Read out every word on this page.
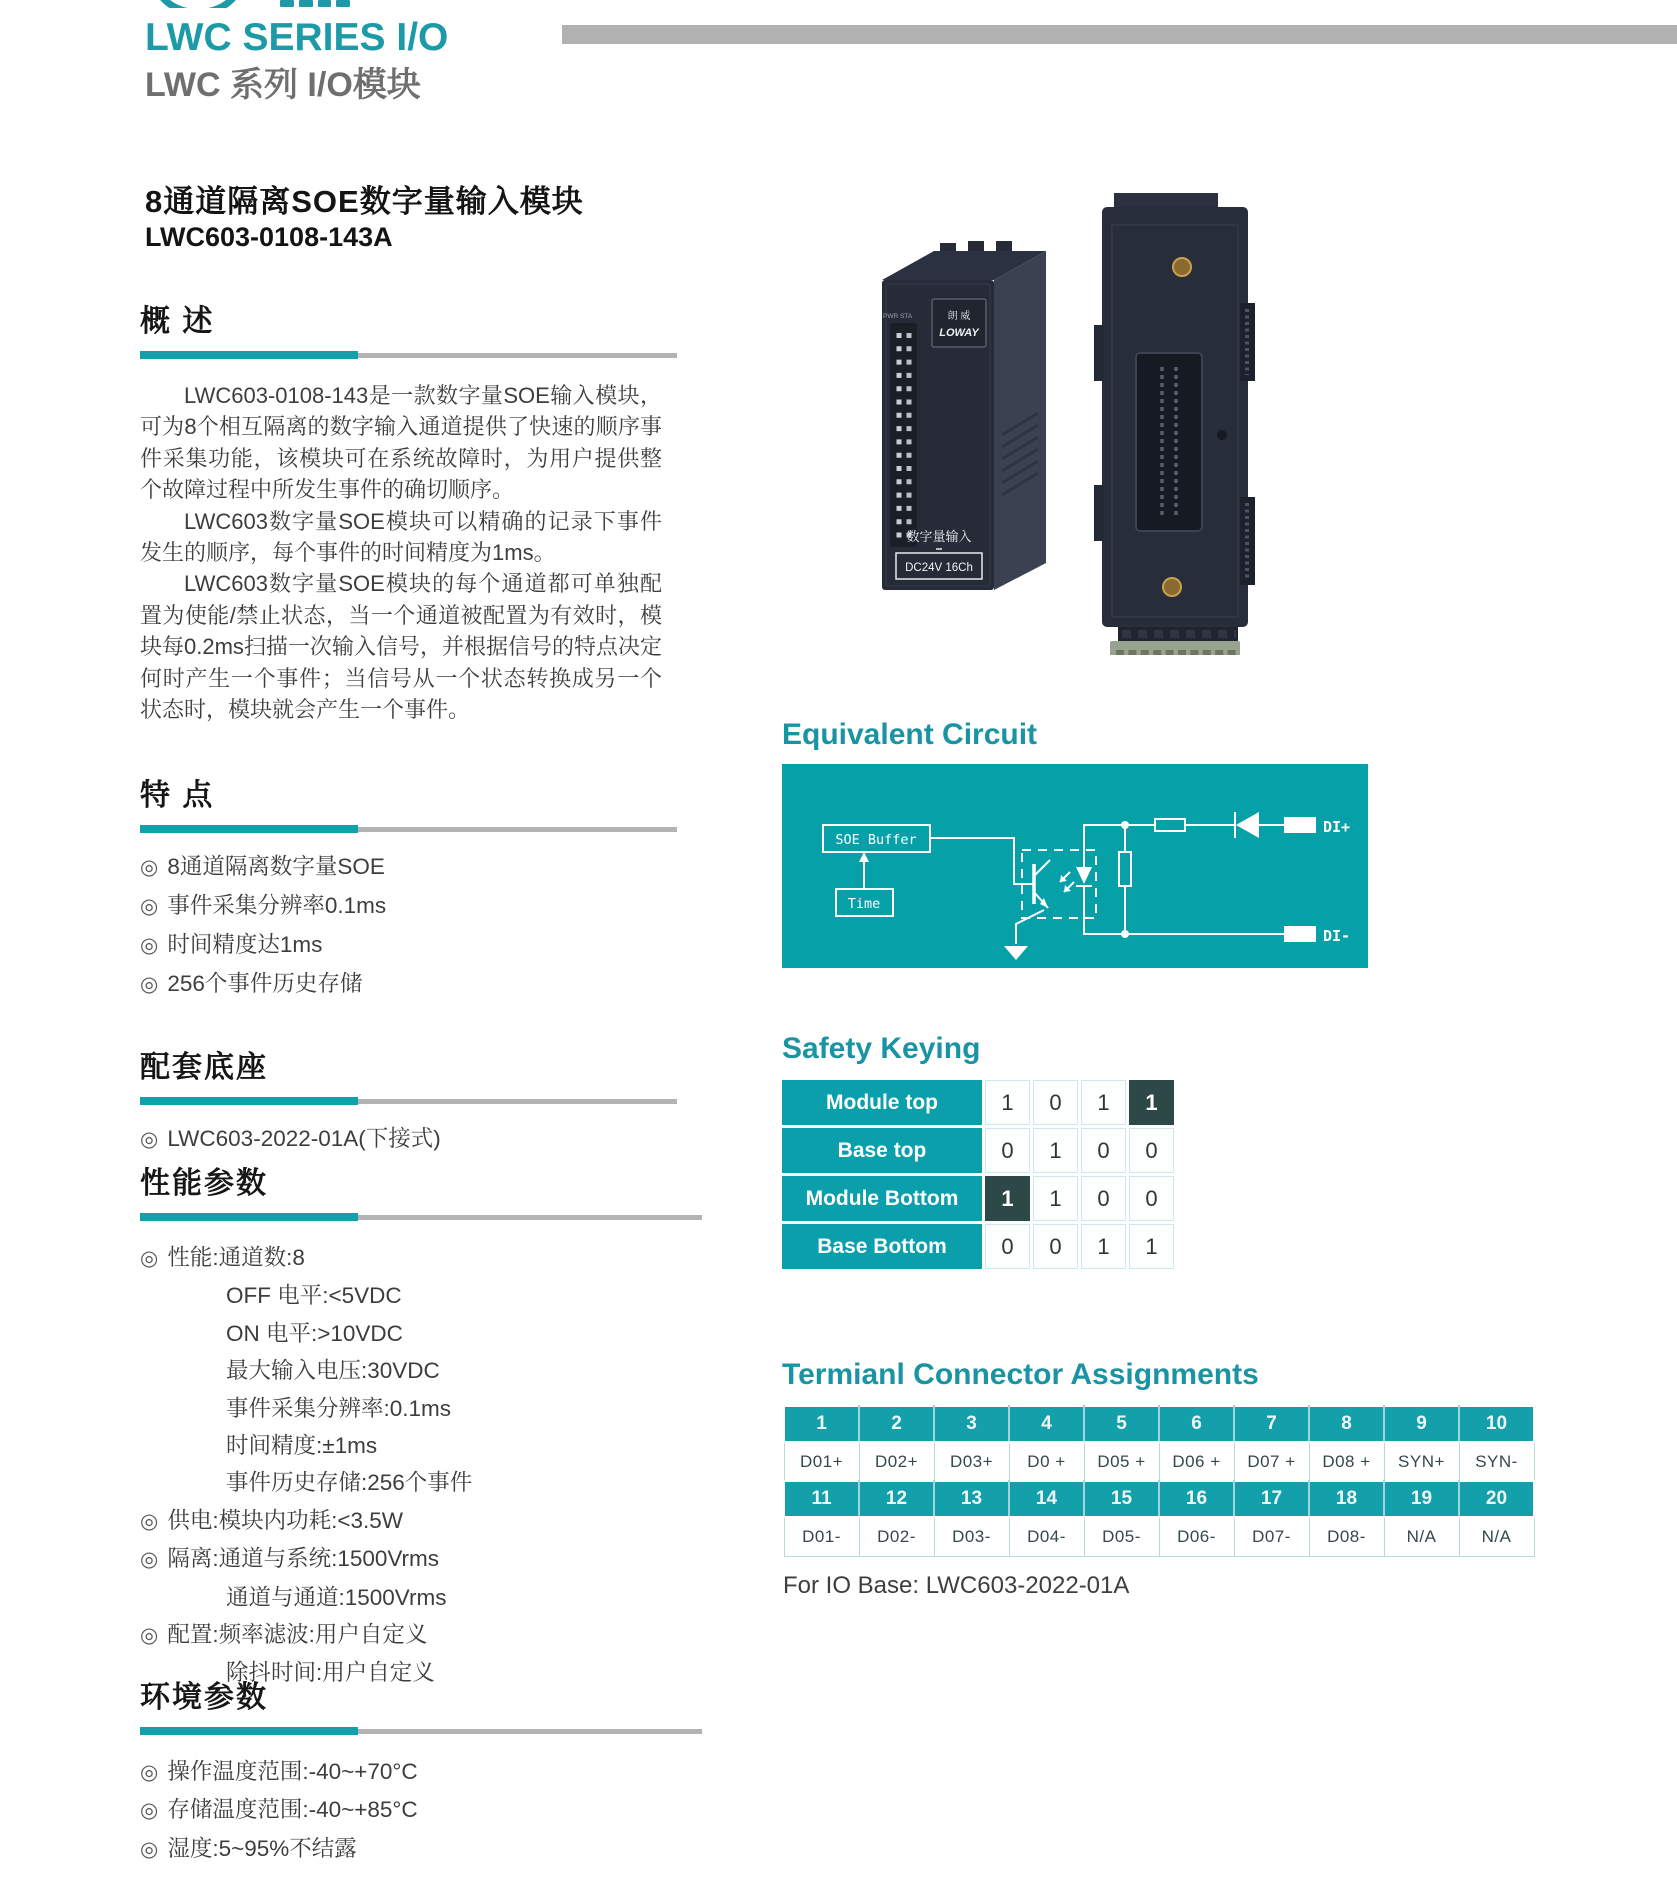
LWC SERIES I/O
LWC 系列 I/O模块
8通道隔离SOE数字量输入模块
LWC603-0108-143A
概 述

LWC603-0108-143是一款数字量SOE输入模块，可为8个相互隔离的数字输入通道提供了快速的顺序事件采集功能，该模块可在系统故障时，为用户提供整个故障过程中所发生事件的确切顺序。

LWC603数字量SOE模块可以精确的记录下事件发生的顺序，每个事件的时间精度为1ms。

LWC603数字量SOE模块的每个通道都可单独配置为使能/禁止状态，当一个通道被配置为有效时，模块每0.2ms扫描一次输入信号，并根据信号的特点决定何时产生一个事件；当信号从一个状态转换成另一个状态时，模块就会产生一个事件。

特 点
◎ 8通道隔离数字量SOE
◎ 事件采集分辨率0.1ms
◎ 时间精度达1ms
◎ 256个事件历史存储
配套底座
◎ LWC603-2022-01A(下接式)
性能参数
◎ 性能:通道数:8
OFF 电平:<5VDC
ON 电平:>10VDC
最大输入电压:30VDC
事件采集分辨率:0.1ms
时间精度:±1ms
事件历史存储:256个事件
◎ 供电:模块内功耗:<3.5W
◎ 隔离:通道与系统:1500Vrms
通道与通道:1500Vrms
◎ 配置:频率滤波:用户自定义
除抖时间:用户自定义
环境参数
◎ 操作温度范围:-40~+70°C
◎ 存储温度范围:-40~+85°C
◎ 湿度:5~95%不结露
PWR STA	朗 威
LOWAY
数字量输入
DC24V 16Ch
Equivalent Circuit
SOE Buffer
Time
DI+
DI-
Safety Keying
Module top	1	0	1	1
Base top	0	1	0	0
Module Bottom	1	1	0	0
Base Bottom	0	0	1	1
Termianl Connector Assignments
1	2	3	4	5	6	7	8	9	10
D01+	D02+	D03+	D0 +	D05 +	D06 +	D07 +	D08 +	SYN+	SYN-
11	12	13	14	15	16	17	18	19	20
D01-	D02-	D03-	D04-	D05-	D06-	D07-	D08-	N/A	N/A
For IO Base: LWC603-2022-01A
